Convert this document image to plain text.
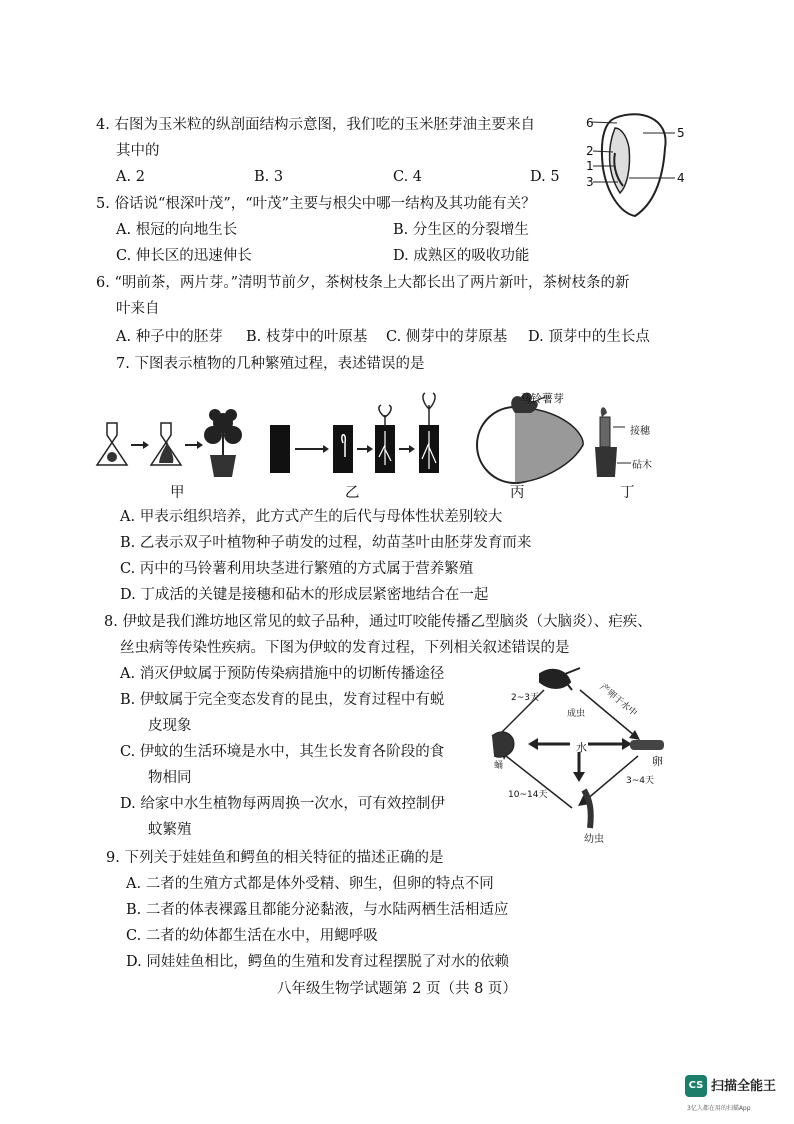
4. 右图为玉米粒的纵剖面结构示意图，我们吃的玉米胚芽油主要来自
其中的
A. 2	B. 3	C. 4	D. 5
6
5
2
1
3	4
5. 俗话说“根深叶茂”，“叶茂”主要与根尖中哪一结构及其功能有关？
A. 根冠的向地生长	B. 分生区的分裂增生
C. 伸长区的迅速伸长	D. 成熟区的吸收功能
6. “明前茶，两片芽。”清明节前夕，茶树枝条上大都长出了两片新叶，茶树枝条的新
叶来自
A. 种子中的胚芽 B. 枝芽中的叶原基 C. 侧芽中的芽原基 D. 顶芽中的生长点
7. 下图表示植物的几种繁殖过程，表述错误的是
马铃薯芽
接穗
砧木
甲	乙	丙	丁
A. 甲表示组织培养，此方式产生的后代与母体性状差别较大
B. 乙表示双子叶植物种子萌发的过程，幼苗茎叶由胚芽发育而来
C. 丙中的马铃薯利用块茎进行繁殖的方式属于营养繁殖
D. 丁成活的关键是接穗和砧木的形成层紧密地结合在一起
8. 伊蚊是我们潍坊地区常见的蚊子品种，通过叮咬能传播乙型脑炎（大脑炎）、疟疾、
丝虫病等传染性疾病。下图为伊蚊的发育过程，下列相关叙述错误的是
A. 消灭伊蚊属于预防传染病措施中的切断传播途径
B. 伊蚊属于完全变态发育的昆虫，发育过程中有蜕
皮现象
C. 伊蚊的生活环境是水中，其生长发育各阶段的食
物相同
D. 给家中水生植物每两周换一次水，可有效控制伊
蚊繁殖
2~3天
成虫 产卵于水中
水
卵
蛹
3~4天
10~14天
幼虫
9. 下列关于娃娃鱼和鳄鱼的相关特征的描述正确的是
A. 二者的生殖方式都是体外受精、卵生，但卵的特点不同
B. 二者的体表裸露且都能分泌黏液，与水陆两栖生活相适应
C. 二者的幼体都生活在水中，用鳃呼吸
D. 同娃娃鱼相比，鳄鱼的生殖和发育过程摆脱了对水的依赖
八年级生物学试题第 2 页（共 8 页）
CS 扫描全能王
3亿人都在用的扫描App
